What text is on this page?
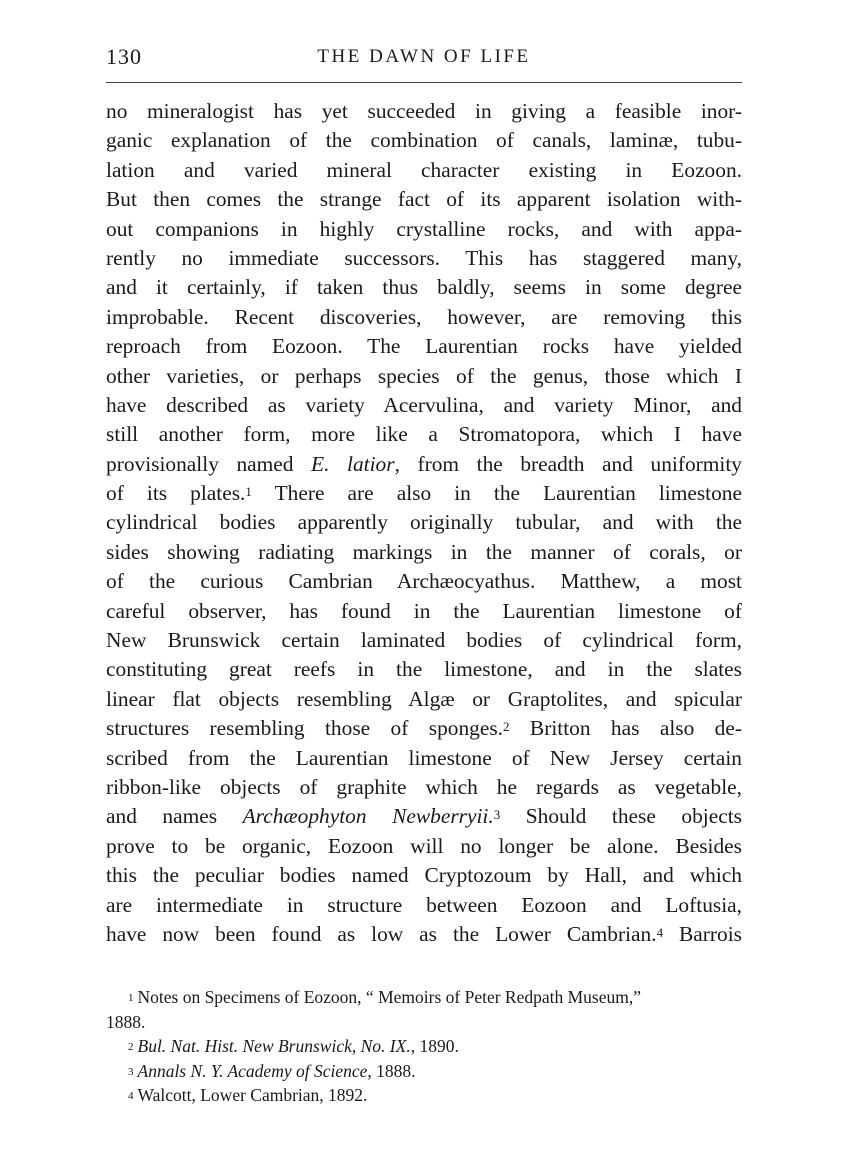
130	THE DAWN OF LIFE
no mineralogist has yet succeeded in giving a feasible inor-
ganic explanation of the combination of canals, laminæ, tubu-
lation and varied mineral character existing in Eozoon.
But then comes the strange fact of its apparent isolation with-
out companions in highly crystalline rocks, and with appa-
rently no immediate successors. This has staggered many,
and it certainly, if taken thus baldly, seems in some degree
improbable. Recent discoveries, however, are removing this
reproach from Eozoon. The Laurentian rocks have yielded
other varieties, or perhaps species of the genus, those which I
have described as variety Acervulina, and variety Minor, and
still another form, more like a Stromatopora, which I have
provisionally named E. latior, from the breadth and uniformity
of its plates.$^1$ There are also in the Laurentian limestone
cylindrical bodies apparently originally tubular, and with the
sides showing radiating markings in the manner of corals, or
of the curious Cambrian Archæocyathus. Matthew, a most
careful observer, has found in the Laurentian limestone of
New Brunswick certain laminated bodies of cylindrical form,
constituting great reefs in the limestone, and in the slates
linear flat objects resembling Algæ or Graptolites, and spicular
structures resembling those of sponges.$^2$ Britton has also de-
scribed from the Laurentian limestone of New Jersey certain
ribbon-like objects of graphite which he regards as vegetable,
and names Archæophyton Newberryii.$^3$ Should these objects
prove to be organic, Eozoon will no longer be alone. Besides
this the peculiar bodies named Cryptozoum by Hall, and which
are intermediate in structure between Eozoon and Loftusia,
have now been found as low as the Lower Cambrian.$^4$ Barrois
$^1$ Notes on Specimens of Eozoon, “ Memoirs of Peter Redpath Museum,”
1888.
$^2$ Bul. Nat. Hist. New Brunswick, No. IX., 1890.
$^3$ Annals N. Y. Academy of Science, 1888.
$^4$ Walcott, Lower Cambrian, 1892.
